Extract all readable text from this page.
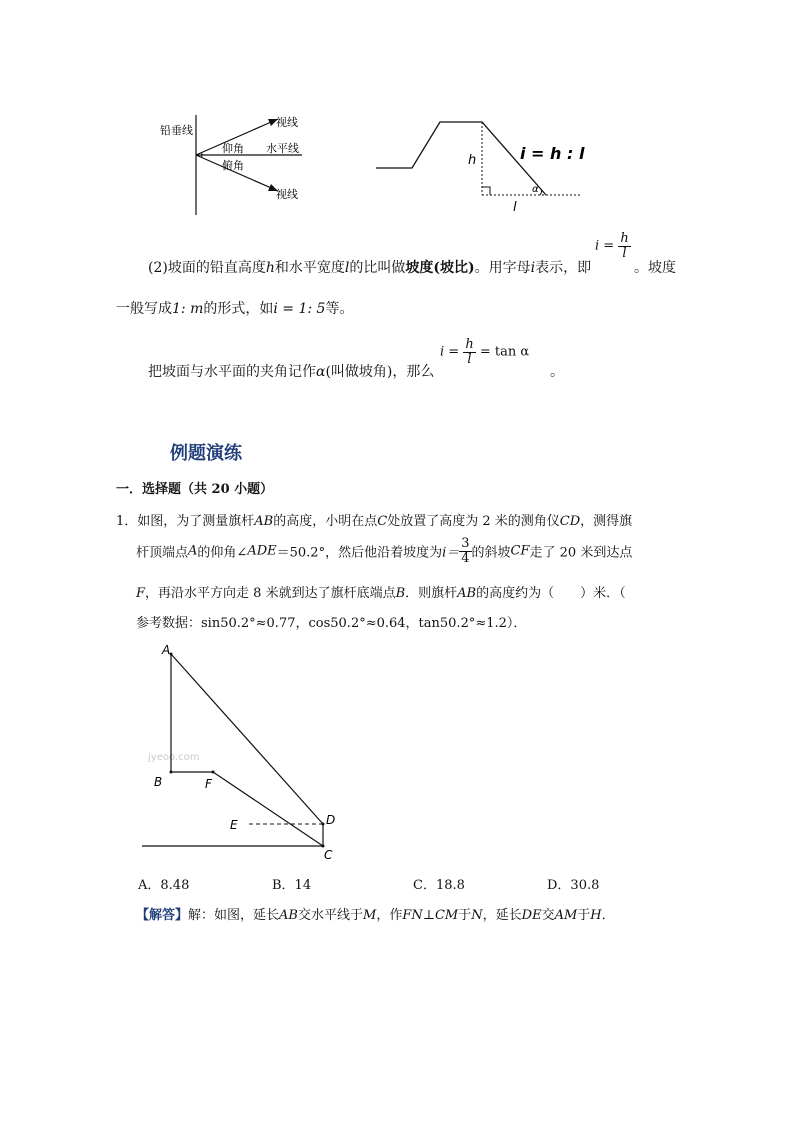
铅垂线
视线
视线
水平线
仰角
俯角	h
l
α
i = h : l
(2)坡面的铅直高度h和水平宽度l的比叫做坡度(坡比)。用字母i表示，即
$i = \frac{h}{l}$
。坡度
一般写成1: m的形式，如i = 1: 5等。
把坡面与水平面的夹角记作α(叫做坡角)，那么
$i = \frac{h}{l} = \tan \alpha$
。
例题演练
一．选择题（共 20 小题）
1．如图，为了测量旗杆AB的高度，小明在点C处放置了高度为 2 米的测角仪CD，测得旗
杆顶端点A的仰角∠ADE＝50.2°，然后他沿着坡度为$i= \frac{3}{4}$ 的斜坡CF走了 20 米到达点
F，再沿水平方向走 8 米就到达了旗杆底端点B．则旗杆AB的高度约为（　　）米．（
参考数据：sin50.2°≈0.77，cos50.2°≈0.64，tan50.2°≈1.2）．
jyeoo.com
A
B	F
E	D
C
A．8.48	B．14	C．18.8	D．30.8
【解答】解：如图，延长AB交水平线于M，作FN⊥CM于N，延长DE交AM于H．
